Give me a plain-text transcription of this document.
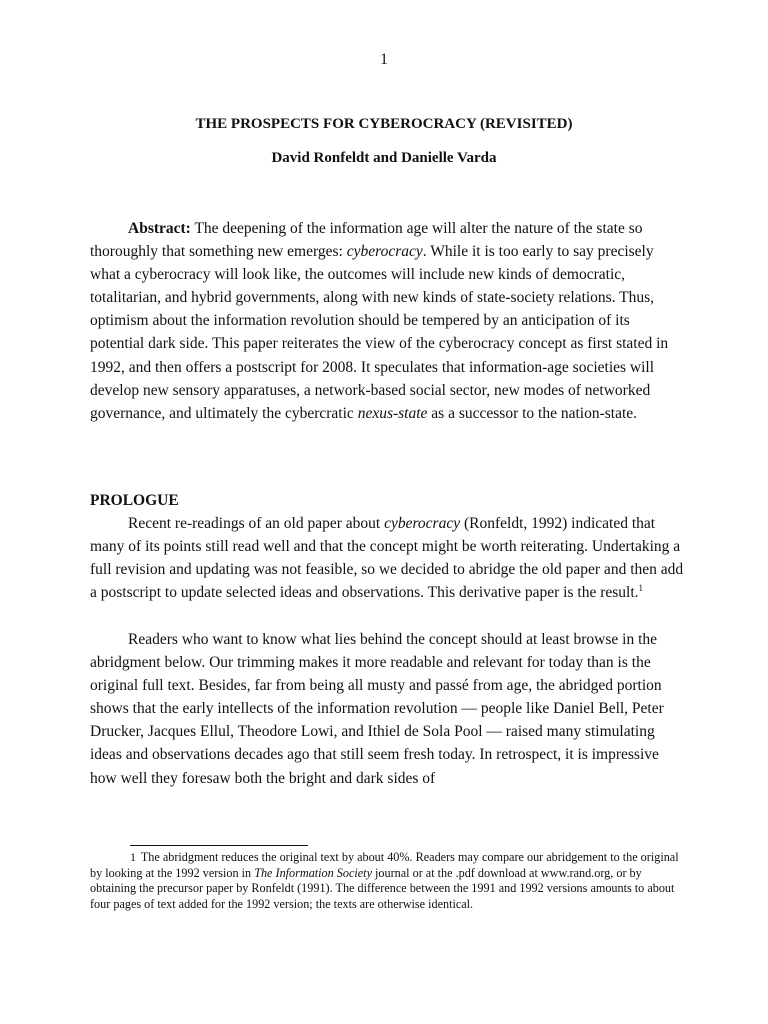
1
THE PROSPECTS FOR CYBEROCRACY (REVISITED)
David Ronfeldt and Danielle Varda

Abstract: The deepening of the information age will alter the nature of the state so thoroughly that something new emerges: cyberocracy. While it is too early to say precisely what a cyberocracy will look like, the outcomes will include new kinds of democratic, totalitarian, and hybrid governments, along with new kinds of state-society relations. Thus, optimism about the information revolution should be tempered by an anticipation of its potential dark side. This paper reiterates the view of the cyberocracy concept as first stated in 1992, and then offers a postscript for 2008. It speculates that information-age societies will develop new sensory apparatuses, a network-based social sector, new modes of networked governance, and ultimately the cybercratic nexus-state as a successor to the nation-state.

PROLOGUE

Recent re-readings of an old paper about cyberocracy (Ronfeldt, 1992) indicated that many of its points still read well and that the concept might be worth reiterating. Undertaking a full revision and updating was not feasible, so we decided to abridge the old paper and then add a postscript to update selected ideas and observations. This derivative paper is the result.$^1$

Readers who want to know what lies behind the concept should at least browse in the abridgment below. Our trimming makes it more readable and relevant for today than is the original full text. Besides, far from being all musty and passé from age, the abridged portion shows that the early intellects of the information revolution — people like Daniel Bell, Peter Drucker, Jacques Ellul, Theodore Lowi, and Ithiel de Sola Pool — raised many stimulating ideas and observations decades ago that still seem fresh today. In retrospect, it is impressive how well they foresaw both the bright and dark sides of

1 The abridgment reduces the original text by about 40%. Readers may compare our abridgement to the original by looking at the 1992 version in The Information Society journal or at the .pdf download at www.rand.org, or by obtaining the precursor paper by Ronfeldt (1991). The difference between the 1991 and 1992 versions amounts to about four pages of text added for the 1992 version; the texts are otherwise identical.
